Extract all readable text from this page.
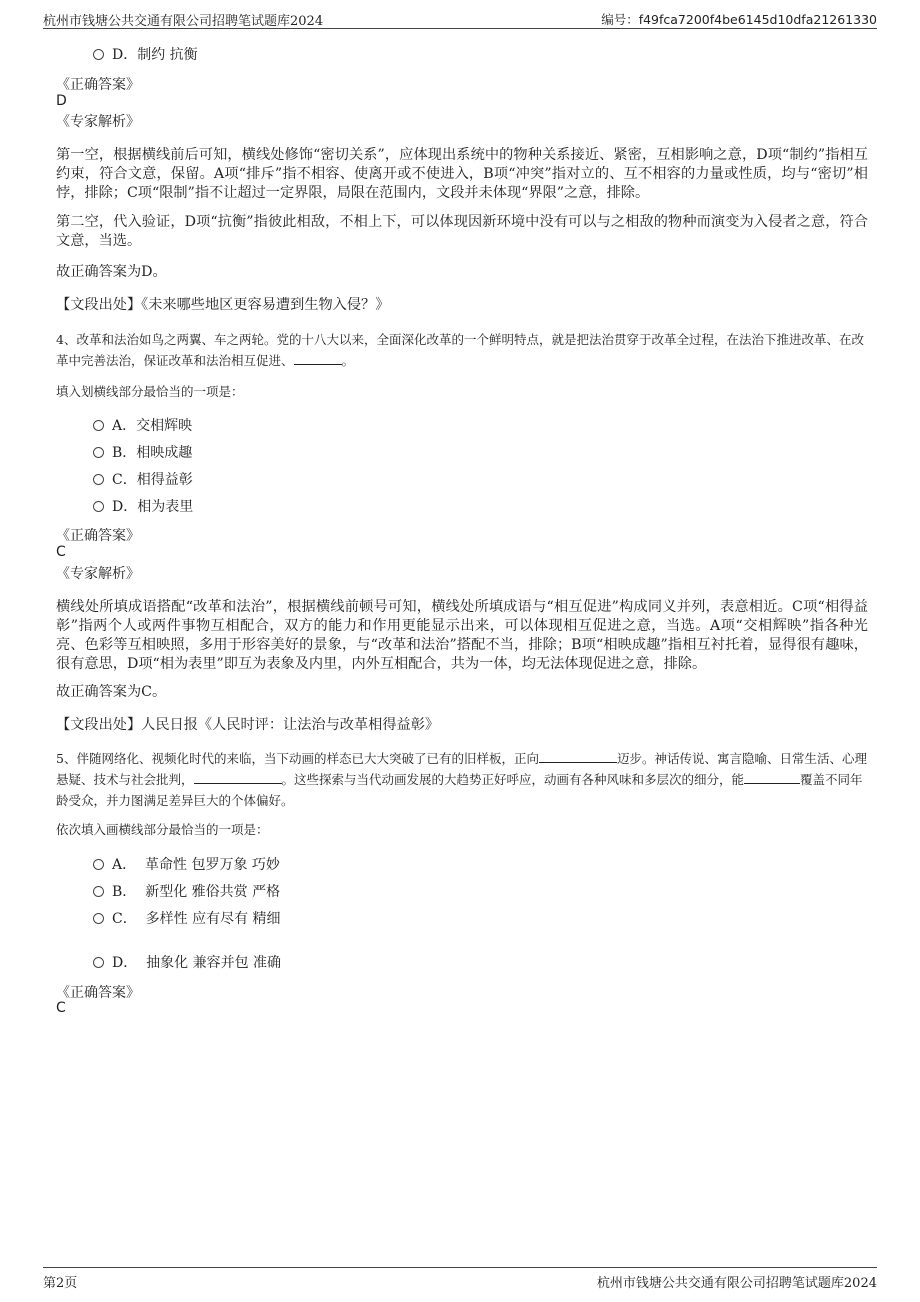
杭州市钱塘公共交通有限公司招聘笔试题库2024	编号：f49fca7200f4be6145d10dfa21261330
D．制约 抗衡
《正确答案》
D
《专家解析》
第一空，根据横线前后可知，横线处修饰“密切关系”，应体现出系统中的物种关系接近、紧密，互相影响之意，D项“制约”指相互约束，符合文意，保留。A项“排斥”指不相容、使离开或不使进入，B项“冲突”指对立的、互不相容的力量或性质，均与“密切”相悖，排除；C项“限制”指不让超过一定界限，局限在范围内，文段并未体现“界限”之意，排除。
第二空，代入验证，D项“抗衡”指彼此相敌，不相上下，可以体现因新环境中没有可以与之相敌的物种而演变为入侵者之意，符合文意，当选。
故正确答案为D。
【文段出处】《未来哪些地区更容易遭到生物入侵？》
4、改革和法治如鸟之两翼、车之两轮。党的十八大以来，全面深化改革的一个鲜明特点，就是把法治贯穿于改革全过程，在法治下推进改革、在改革中完善法治，保证改革和法治相互促进、	。
填入划横线部分最恰当的一项是：
A．交相辉映
B．相映成趣
C．相得益彰
D．相为表里
《正确答案》
C
《专家解析》
横线处所填成语搭配“改革和法治”，根据横线前顿号可知，横线处所填成语与“相互促进”构成同义并列，表意相近。C项“相得益彰”指两个人或两件事物互相配合，双方的能力和作用更能显示出来，可以体现相互促进之意，当选。A项“交相辉映”指各种光亮、色彩等互相映照，多用于形容美好的景象，与“改革和法治”搭配不当，排除；B项“相映成趣”指相互衬托着，显得很有趣味，很有意思，D项“相为表里”即互为表象及内里，内外互相配合，共为一体，均无法体现促进之意，排除。
故正确答案为C。
【文段出处】人民日报《人民时评：让法治与改革相得益彰》
5、伴随网络化、视频化时代的来临，当下动画的样态已大大突破了已有的旧样板，正向	迈步。神话传说、寓言隐喻、日常生活、心理悬疑、技术与社会批判，	。这些探索与当代动画发展的大趋势正好呼应，动画有各种风味和多层次的细分，能	覆盖不同年龄受众，并力图满足差异巨大的个体偏好。
依次填入画横线部分最恰当的一项是：
A． 革命性 包罗万象 巧妙
B． 新型化 雅俗共赏 严格
C． 多样性 应有尽有 精细
D． 抽象化 兼容并包 准确
《正确答案》
C
第2页	杭州市钱塘公共交通有限公司招聘笔试题库2024
